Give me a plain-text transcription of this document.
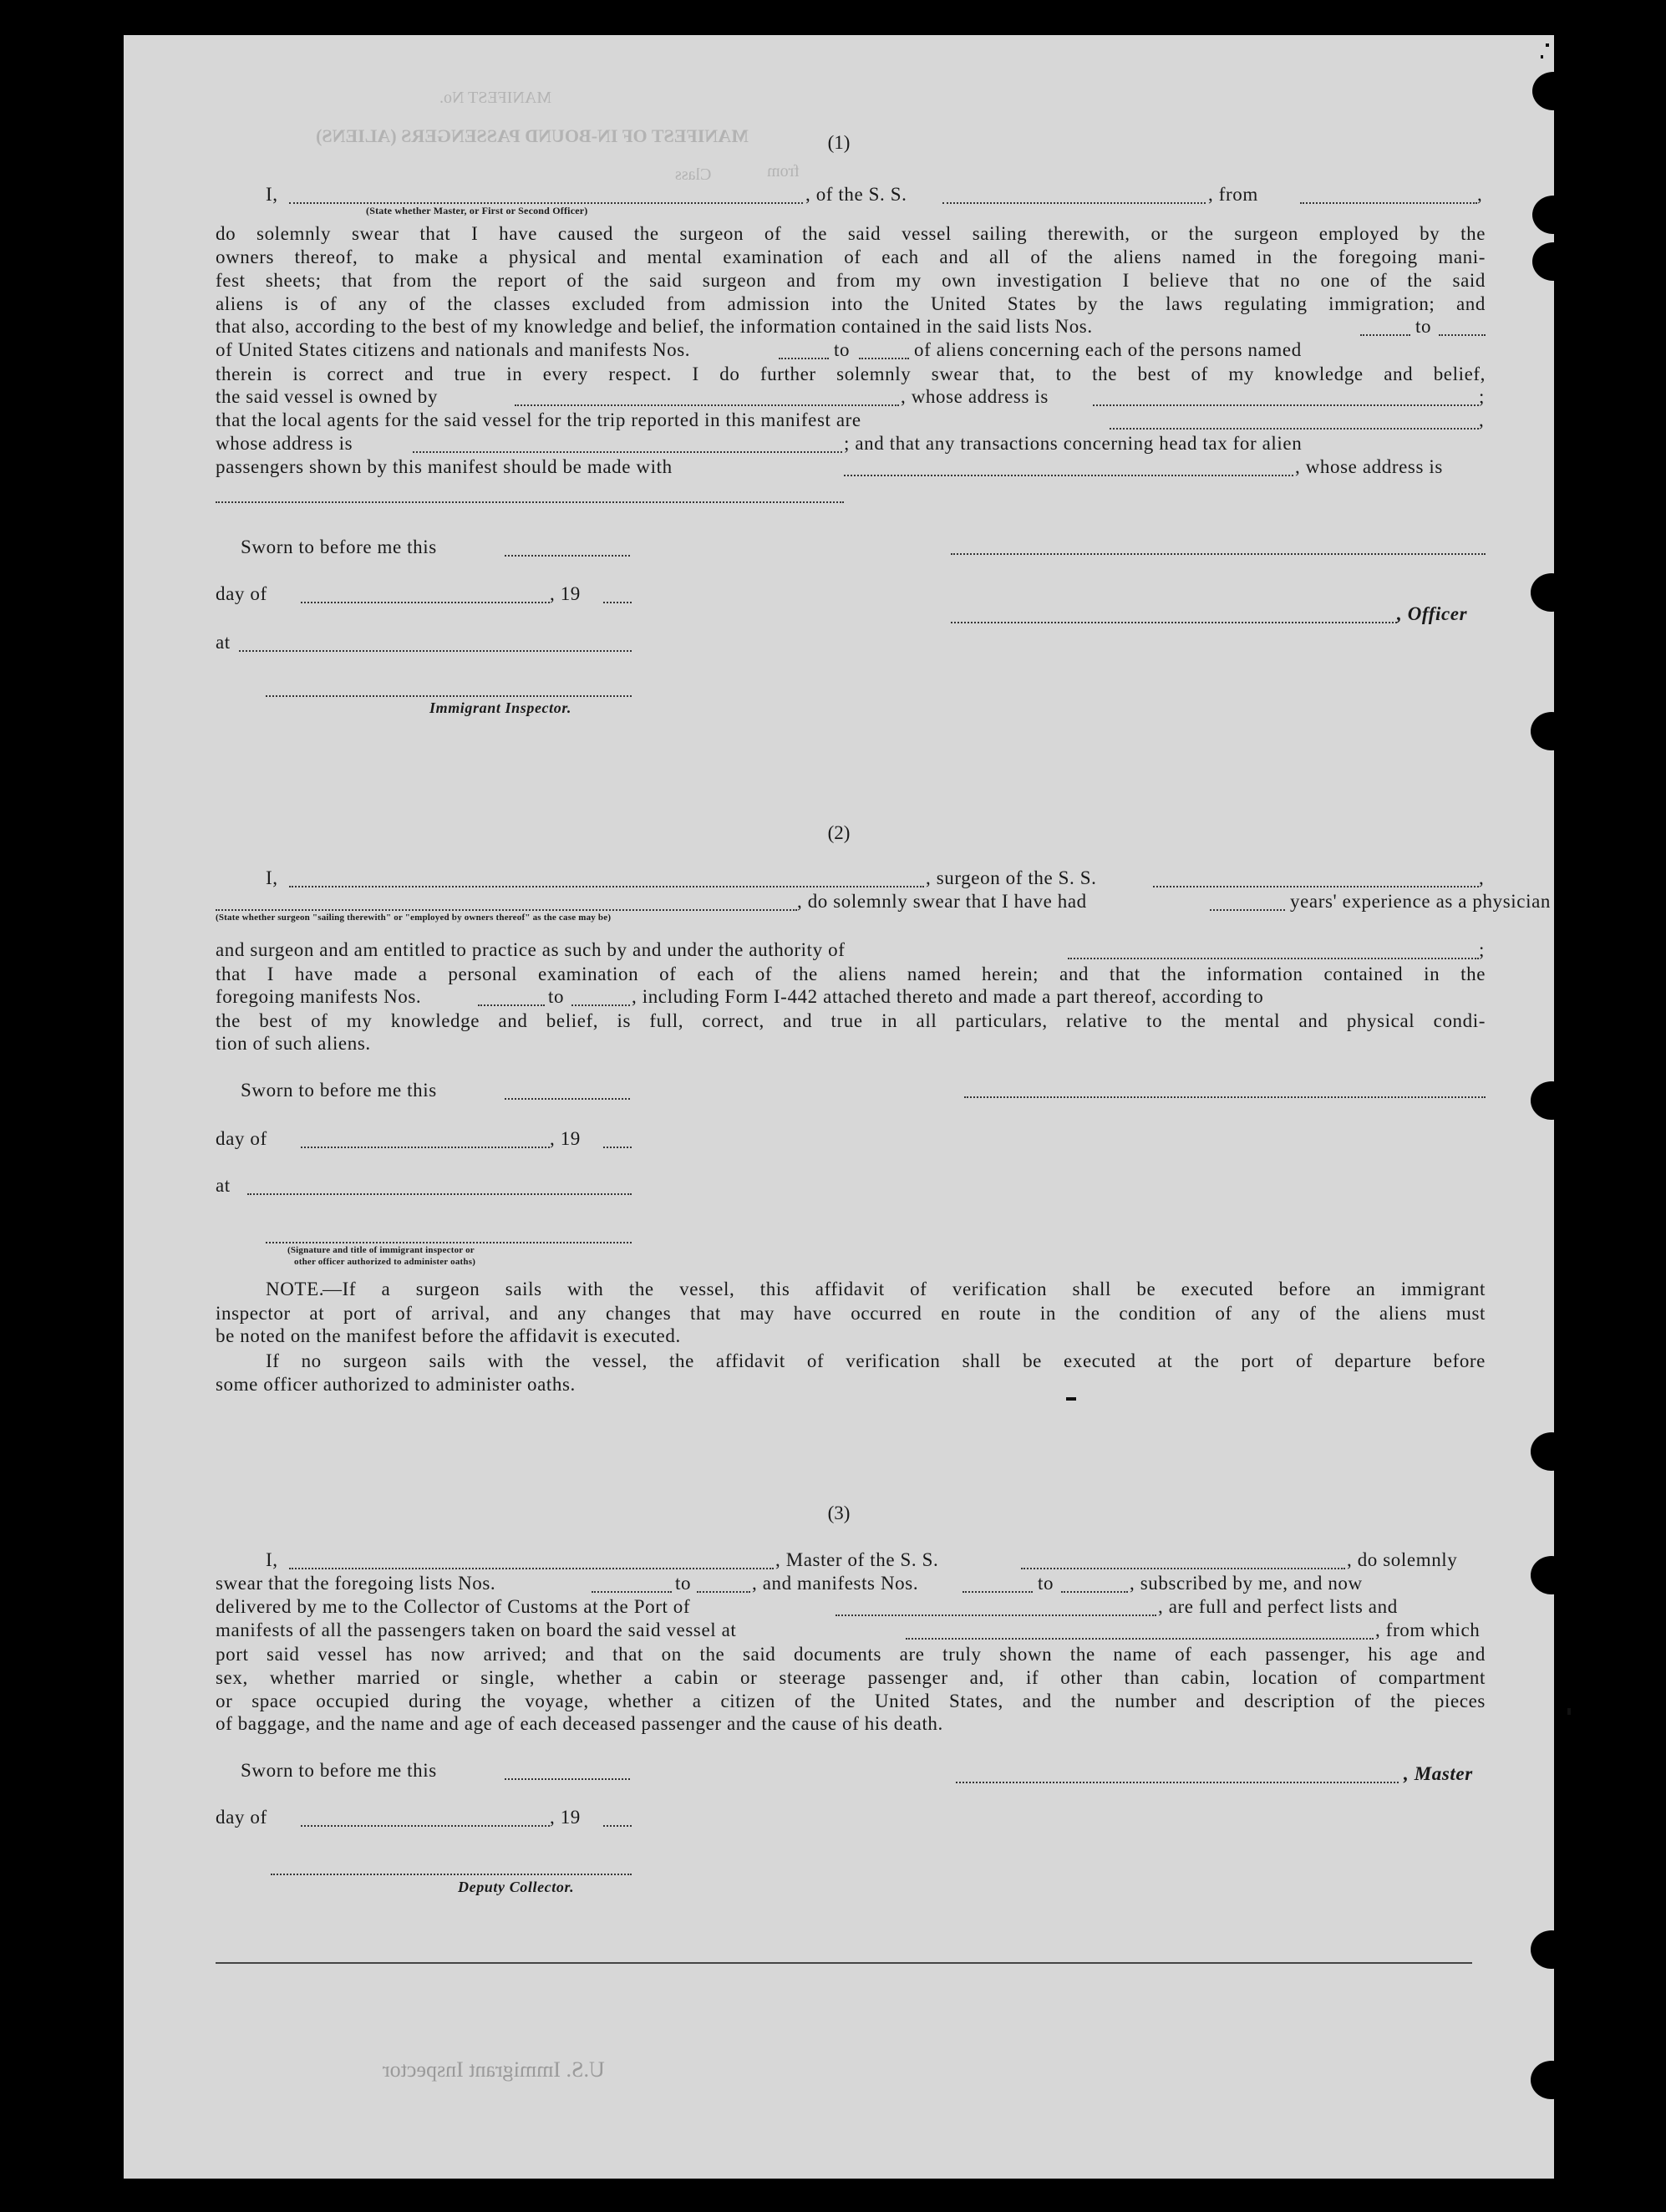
MANIFEST No.
MANIFEST OF IN-BOUND PASSENGERS (ALIENS)
Class	from
U.S. Immigrant Inspector
(1)
I,	, of the S. S.	, from	,
(State whether Master, or First or Second Officer)
do solemnly swear that I have caused the surgeon of the said vessel sailing therewith, or the surgeon employed by the
owners thereof, to make a physical and mental examination of each and all of the aliens named in the foregoing mani-
fest sheets; that from the report of the said surgeon and from my own investigation I believe that no one of the said
aliens is of any of the classes excluded from admission into the United States by the laws regulating immigration; and
that also, according to the best of my knowledge and belief, the information contained in the said lists Nos.	to
of United States citizens and nationals and manifests Nos.	to	of aliens concerning each of the persons named
therein is correct and true in every respect. I do further solemnly swear that, to the best of my knowledge and belief,
the said vessel is owned by	, whose address is	;
that the local agents for the said vessel for the trip reported in this manifest are	,
whose address is	; and that any transactions concerning head tax for alien
passengers shown by this manifest should be made with	, whose address is
Sworn to before me this
day of	, 19
, Officer
at
Immigrant Inspector.
(2)
I,	, surgeon of the S. S.	,
, do solemnly swear that I have had	years' experience as a physician
(State whether surgeon "sailing therewith" or "employed by owners thereof" as the case may be)
and surgeon and am entitled to practice as such by and under the authority of	;
that I have made a personal examination of each of the aliens named herein; and that the information contained in the
foregoing manifests Nos.	to	, including Form I-442 attached thereto and made a part thereof, according to
the best of my knowledge and belief, is full, correct, and true in all particulars, relative to the mental and physical condi-
tion of such aliens.
Sworn to before me this
day of	, 19
at
(Signature and title of immigrant inspector or
other officer authorized to administer oaths)
NOTE.
—If a surgeon sails with the vessel, this affidavit of verification shall be executed before an immigrant
inspector at port of arrival, and any changes that may have occurred en route in the condition of any of the aliens must
be noted on the manifest before the affidavit is executed.
If no surgeon sails with the vessel, the affidavit of verification shall be executed at the port of departure before
some officer authorized to administer oaths.
(3)
I,	, Master of the S. S.	, do solemnly
swear that the foregoing lists Nos.	to	, and manifests Nos.	to	, subscribed by me, and now
delivered by me to the Collector of Customs at the Port of	, are full and perfect lists and
manifests of all the passengers taken on board the said vessel at	, from which
port said vessel has now arrived; and that on the said documents are truly shown the name of each passenger, his age and
sex, whether married or single, whether a cabin or steerage passenger and, if other than cabin, location of compartment
or space occupied during the voyage, whether a citizen of the United States, and the number and description of the pieces
of baggage, and the name and age of each deceased passenger and the cause of his death.
Sworn to before me this	, Master
day of	, 19
Deputy Collector.
